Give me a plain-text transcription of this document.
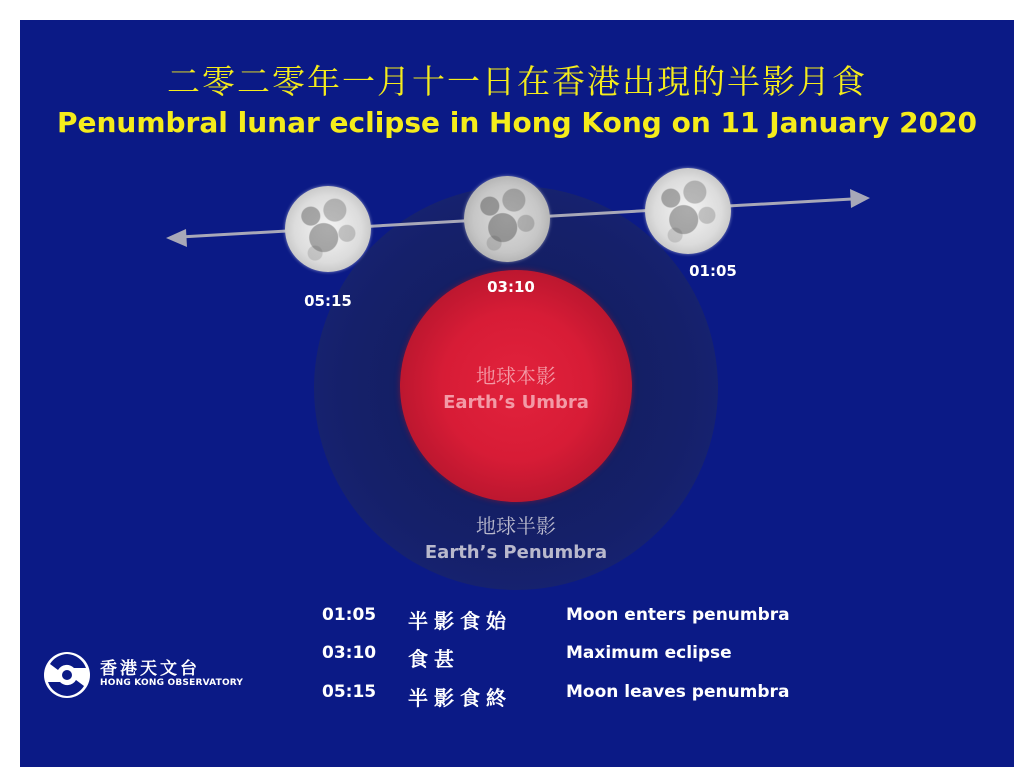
二零二零年一月十一日在香港出現的半影月食
Penumbral lunar eclipse in Hong Kong on 11 January 2020
地球本影
Earth’s Umbra
地球半影
Earth’s Penumbra
05:15
03:10
01:05
01:05	半影食始	Moon enters penumbra
03:10	食甚	Maximum eclipse
05:15	半影食終	Moon leaves penumbra
香港天文台
HONG KONG OBSERVATORY
